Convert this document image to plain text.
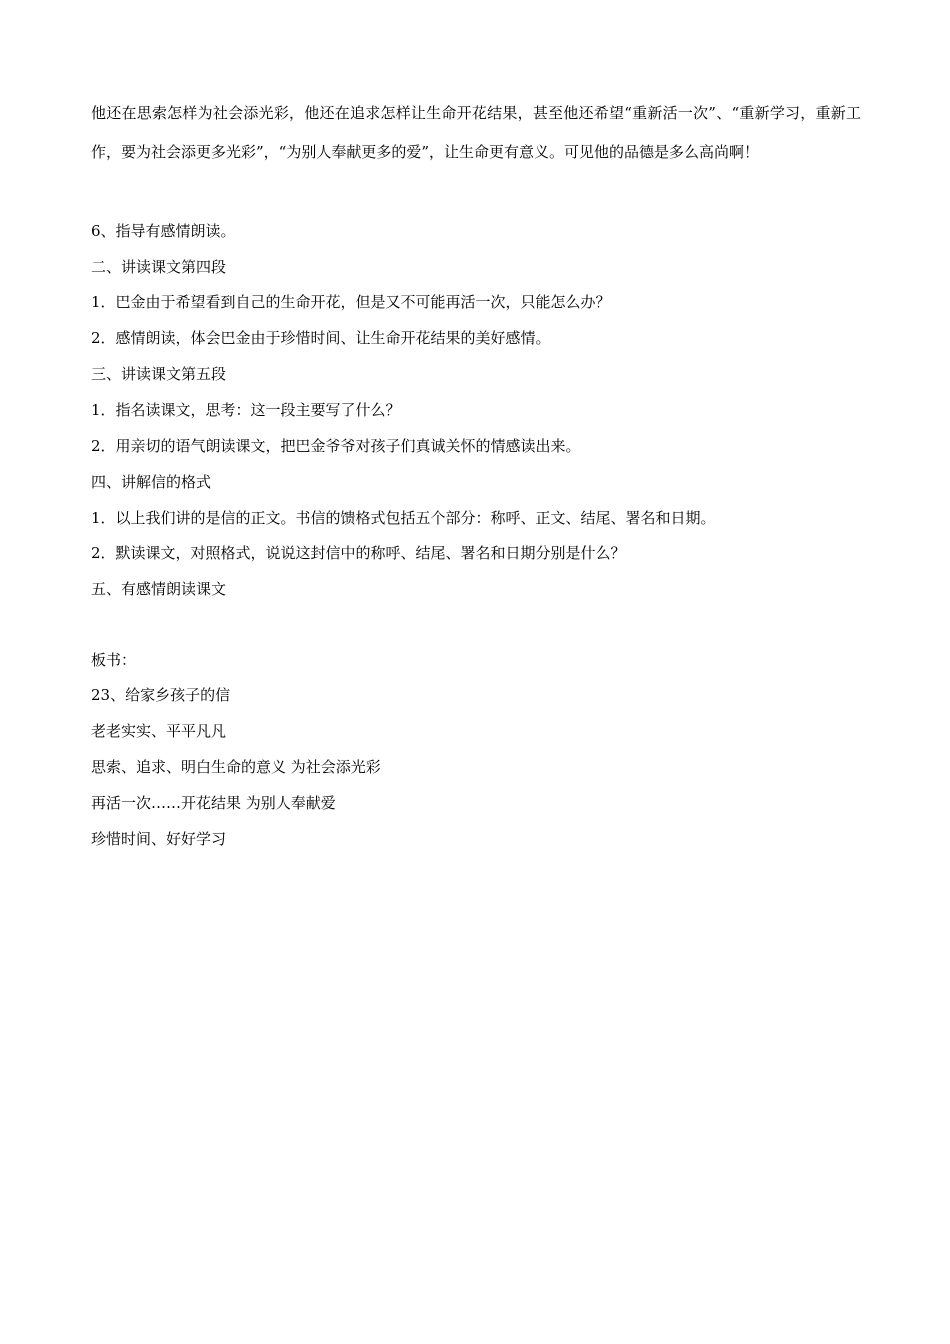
他还在思索怎样为社会添光彩，他还在追求怎样让生命开花结果，甚至他还希望“重新活一次”、“重新学习，重新工作，要为社会添更多光彩”，“为别人奉献更多的爱”，让生命更有意义。可见他的品德是多么高尚啊！
6、指导有感情朗读。
二、讲读课文第四段
1．巴金由于希望看到自己的生命开花，但是又不可能再活一次，只能怎么办？
2．感情朗读，体会巴金由于珍惜时间、让生命开花结果的美好感情。
三、讲读课文第五段
1．指名读课文，思考：这一段主要写了什么？
2．用亲切的语气朗读课文，把巴金爷爷对孩子们真诚关怀的情感读出来。
四、讲解信的格式
1．以上我们讲的是信的正文。书信的馈格式包括五个部分：称呼、正文、结尾、署名和日期。
2．默读课文，对照格式，说说这封信中的称呼、结尾、署名和日期分别是什么？
五、有感情朗读课文
板书：
23、给家乡孩子的信
老老实实、平平凡凡
思索、追求、明白生命的意义 为社会添光彩
再活一次……开花结果 为别人奉献爱
珍惜时间、好好学习
